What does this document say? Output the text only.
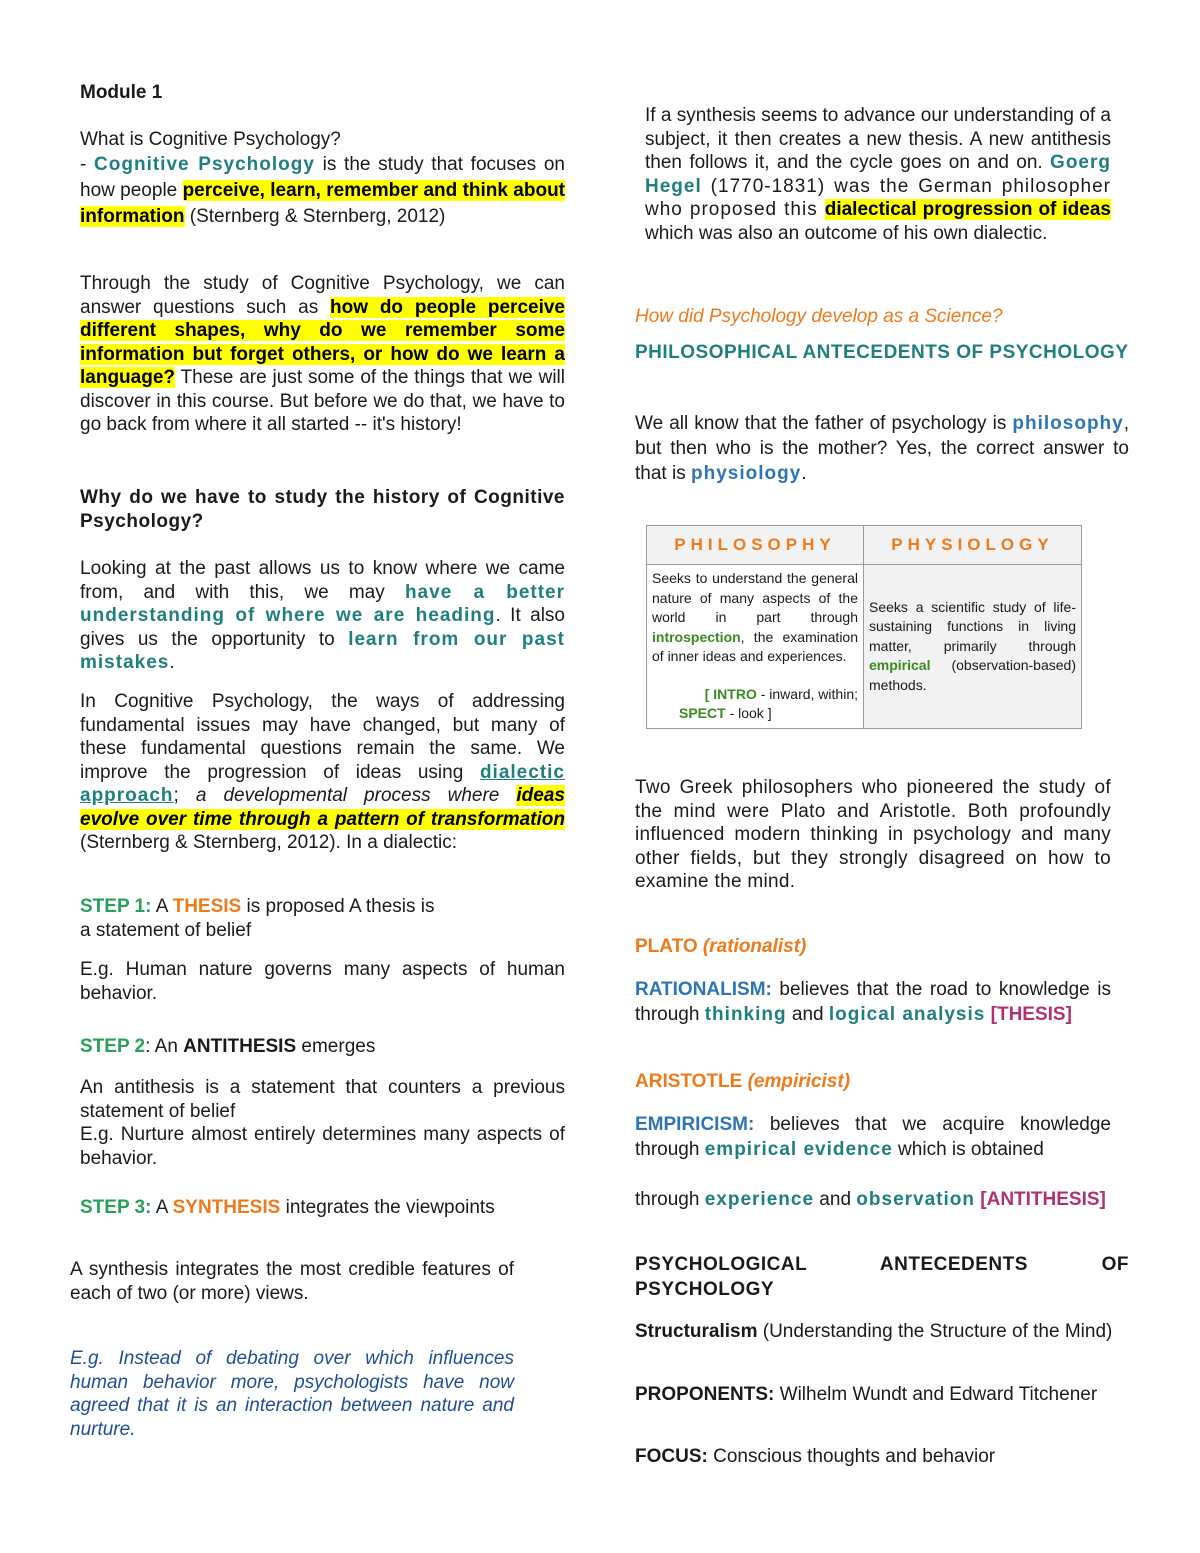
Module 1

What is Cognitive Psychology?

- Cognitive Psychology is the study that focuses on how people perceive, learn, remember and think about information (Sternberg & Sternberg, 2012)

Through the study of Cognitive Psychology, we can answer questions such as how do people perceive different shapes, why do we remember some information but forget others, or how do we learn a language? These are just some of the things that we will discover in this course. But before we do that, we have to go back from where it all started -- it's history!

Why do we have to study the history of Cognitive Psychology?

Looking at the past allows us to know where we came from, and with this, we may have a better understanding of where we are heading. It also gives us the opportunity to learn from our past mistakes.

In Cognitive Psychology, the ways of addressing fundamental issues may have changed, but many of these fundamental questions remain the same. We improve the progression of ideas using dialectic approach; a developmental process where ideas evolve over time through a pattern of transformation (Sternberg & Sternberg, 2012). In a dialectic:

STEP 1: A THESIS is proposed A thesis is a statement of belief

E.g. Human nature governs many aspects of human behavior.

STEP 2: An ANTITHESIS emerges

An antithesis is a statement that counters a previous statement of belief

E.g. Nurture almost entirely determines many aspects of behavior.

STEP 3: A SYNTHESIS integrates the viewpoints

A synthesis integrates the most credible features of each of two (or more) views.

E.g. Instead of debating over which influences human behavior more, psychologists have now agreed that it is an interaction between nature and nurture.

If a synthesis seems to advance our understanding of a subject, it then creates a new thesis. A new antithesis then follows it, and the cycle goes on and on. Goerg Hegel (1770-1831) was the German philosopher who proposed this dialectical progression of ideas which was also an outcome of his own dialectic.

How did Psychology develop as a Science?

PHILOSOPHICAL ANTECEDENTS OF PSYCHOLOGY

We all know that the father of psychology is philosophy, but then who is the mother? Yes, the correct answer to that is physiology.

PHILOSOPHY	PHYSIOLOGY
Seeks to understand the general nature of many aspects of the world in part through introspection, the examination of inner ideas and experiences.
[ INTRO - inward, within;
SPECT - look ]	Seeks a scientific study of life-sustaining functions in living matter, primarily through empirical (observation-based) methods.

Two Greek philosophers who pioneered the study of the mind were Plato and Aristotle. Both profoundly influenced modern thinking in psychology and many other fields, but they strongly disagreed on how to examine the mind.

PLATO (rationalist)

RATIONALISM: believes that the road to knowledge is through thinking and logical analysis [THESIS]

ARISTOTLE (empiricist)

EMPIRICISM: believes that we acquire knowledge through empirical evidence which is obtained

through experience and observation [ANTITHESIS]

PSYCHOLOGICAL ANTECEDENTS OF PSYCHOLOGY

Structuralism (Understanding the Structure of the Mind)

PROPONENTS: Wilhelm Wundt and Edward Titchener

FOCUS: Conscious thoughts and behavior
